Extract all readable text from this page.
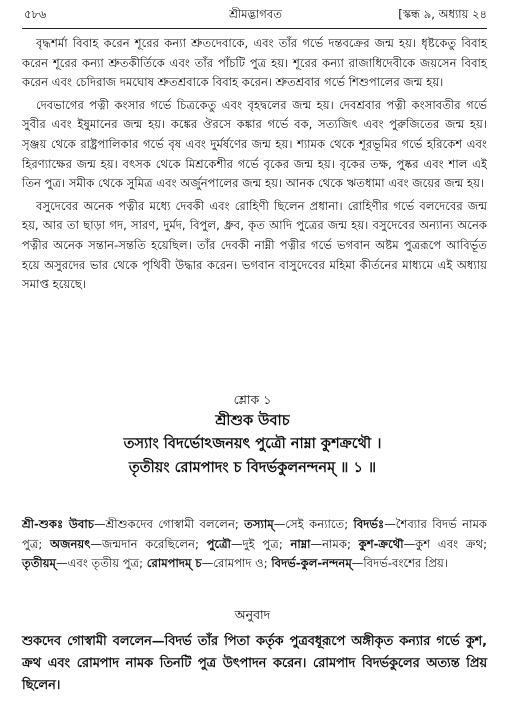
৫৮৬	শ্রীমদ্ভাগবত	[স্কন্ধ ৯, অধ্যায় ২৪

বৃদ্ধশর্মা বিবাহ করেন শূরের কন্যা শ্রুতদেবাকে, এবং তাঁর গর্ভে দন্তবক্রের জন্ম হয়। ধৃষ্টকেতু বিবাহ করেন শূরের কন্যা শ্রুতকীর্তিকে এবং তাঁর পাঁচটি পুত্র হয়। শূরের কন্যা রাজাধিদেবীকে জয়সেন বিবাহ করেন এবং চেদিরাজ দমঘোষ শ্রুতশ্রবাকে বিবাহ করেন। শ্রুতশ্রবার গর্ভে শিশুপালের জন্ম হয়।

দেবভাগের পত্নী কংসার গর্ভে চিত্রকেতু এবং বৃহদ্বলের জন্ম হয়। দেবশ্রবার পত্নী কংসাবতীর গর্ভে সুবীর এবং ইষুমানের জন্ম হয়। কঙ্কের ঔরসে কঙ্কার গর্ভে বক, সত্যজিৎ এবং পুরুজিতের জন্ম হয়। সৃঞ্জয় থেকে রাষ্ট্রপালিকার গর্ভে বৃষ এবং দুর্মর্ষণের জন্ম হয়। শ্যামক থেকে শূরভূমির গর্ভে হরিকেশ এবং হিরণ্যাক্ষের জন্ম হয়। বৎসক থেকে মিশ্রকেশীর গর্ভে বৃকের জন্ম হয়। বৃকের তক্ষ, পুষ্কর এবং শাল এই তিন পুত্র। সমীক থেকে সুমিত্র এবং অর্জুনপালের জন্ম হয়। আনক থেকে ঋতধামা এবং জয়ের জন্ম হয়।

বসুদেবের অনেক পত্নীর মধ্যে দেবকী এবং রোহিণী ছিলেন প্রধানা। রোহিণীর গর্ভে বলদেবের জন্ম হয়, আর তা ছাড়া গদ, সারণ, দুর্মদ, বিপুল, ধ্রুব, কৃত আদি পুত্রের জন্ম হয়। বসুদেবের অন্যান্য অনেক পত্নীর অনেক সন্তান-সন্ততি হয়েছিল। তাঁর দেবকী নাম্নী পত্নীর গর্ভে ভগবান অষ্টম পুত্ররূপে আবির্ভূত হয়ে অসুরদের ভার থেকে পৃথিবী উদ্ধার করেন। ভগবান বাসুদেবের মহিমা কীর্তনের মাধ্যমে এই অধ্যায় সমাপ্ত হয়েছে।

শ্লোক ১
শ্রীশুক উবাচ
তস্যাং বিদর্ভোঽজনয়ৎ পুত্রৌ নাম্না কুশক্রথৌ ।
তৃতীয়ং রোমপাদং চ বিদর্ভকুলনন্দনম্‌ ॥ ১ ॥
শ্রী-শুকঃ উবাচ—শ্রীশুকদেব গোস্বামী বললেন; তস্যাম্‌—সেই কন্যাতে; বিদর্ভঃ—শৈব্যার বিদর্ভ নামক পুত্র; অজনয়ৎ—জন্মদান করেছিলেন; পুত্রৌ—দুই পুত্র; নাম্না—নামক; কুশ-ক্রথৌ—কুশ এবং ক্রথ; তৃতীয়ম্‌—এবং তৃতীয় পুত্র; রোমপাদম্‌ চ—রোমপাদ ও; বিদর্ভ-কুল-নন্দনম্‌—বিদর্ভ-বংশের প্রিয়।
অনুবাদ
শুকদেব গোস্বামী বললেন—বিদর্ভ তাঁর পিতা কর্তৃক পুত্রবধূরূপে অঙ্গীকৃত কন্যার গর্ভে কুশ, ক্রথ এবং রোমপাদ নামক তিনটি পুত্র উৎপাদন করেন। রোমপাদ বিদর্ভকুলের অত্যন্ত প্রিয় ছিলেন।
